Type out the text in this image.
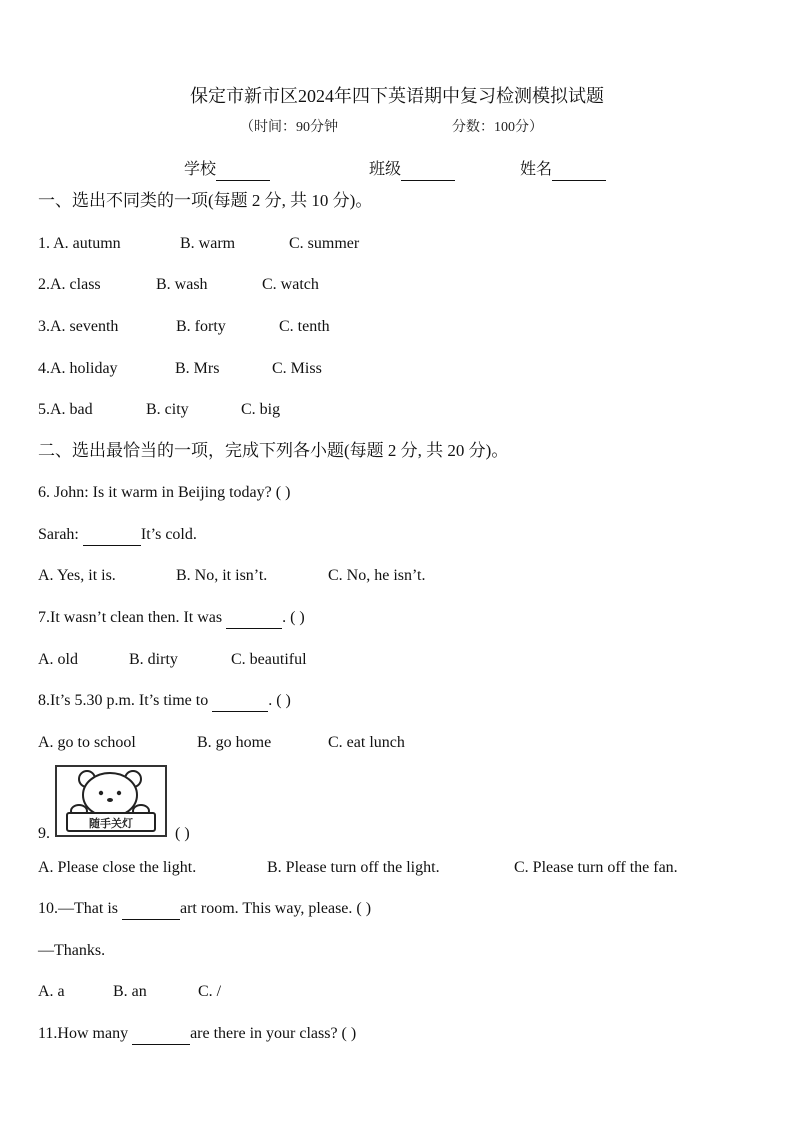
保定市新市区2024年四下英语期中复习检测模拟试题
（时间：90分钟	分数：100分）
学校	班级	姓名
一、选出不同类的一项(每题 2 分, 共 10 分)。
1. A. autumn	B. warm	C. summer
2.A. class	B. wash	C. watch
3.A. seventh	B. forty	C. tenth
4.A. holiday	B. Mrs	C. Miss
5.A. bad	B. city	C. big
二、选出最恰当的一项，完成下列各小题(每题 2 分, 共 20 分)。
6. John: Is it warm in Beijing today? ( )
Sarah:	It’s cold.
A. Yes, it is.	B. No, it isn’t.	C. No, he isn’t.
7.It wasn’t clean then. It was	. ( )
A. old	B. dirty	C. beautiful
8.It’s 5.30 p.m. It’s time to	. ( )
A. go to school	B. go home	C. eat lunch
9.
随手关灯
( )
A. Please close the light.	B. Please turn off the light.	C. Please turn off the fan.
10.—That is	art room. This way, please. ( )
—Thanks.
A. a	B. an	C. /
11.How many	are there in your class? ( )
